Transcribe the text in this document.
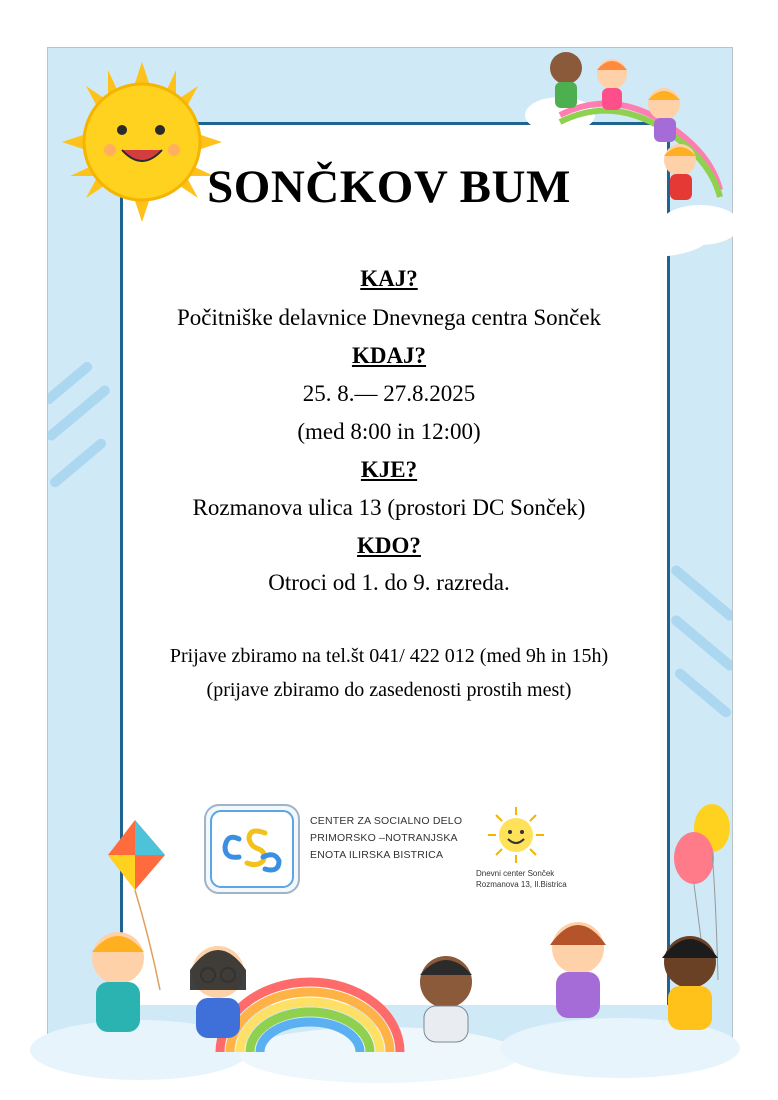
SONČKOV BUM
KAJ?
Počitniške delavnice Dnevnega centra Sonček
KDAJ?
25. 8.— 27.8.2025
(med 8:00 in 12:00)
KJE?
Rozmanova ulica 13 (prostori DC Sonček)
KDO?
Otroci od 1. do 9. razreda.
Prijave zbiramo na tel.št 041/ 422 012 (med 9h in 15h)
(prijave zbiramo do zasedenosti prostih mest)
CENTER ZA SOCIALNO DELO
PRIMORSKO –NOTRANJSKA
ENOTA ILIRSKA BISTRICA
Dnevni center Sonček
Rozmanova 13, Il.Bistrica
